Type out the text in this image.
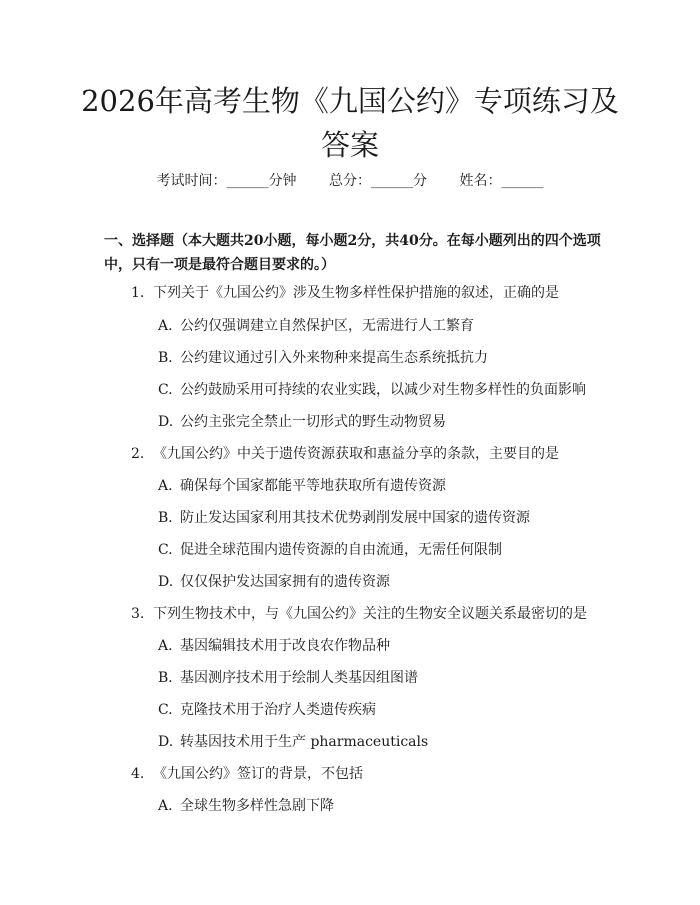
2026年高考生物《九国公约》专项练习及答案
考试时间：______分钟 总分：______分 姓名：______
一、选择题（本大题共20小题，每小题2分，共40分。在每小题列出的四个选项中，只有一项是最符合题目要求的。）
1. 下列关于《九国公约》涉及生物多样性保护措施的叙述，正确的是
A. 公约仅强调建立自然保护区，无需进行人工繁育
B. 公约建议通过引入外来物种来提高生态系统抵抗力
C. 公约鼓励采用可持续的农业实践，以减少对生物多样性的负面影响
D. 公约主张完全禁止一切形式的野生动物贸易
2. 《九国公约》中关于遗传资源获取和惠益分享的条款，主要目的是
A. 确保每个国家都能平等地获取所有遗传资源
B. 防止发达国家利用其技术优势剥削发展中国家的遗传资源
C. 促进全球范围内遗传资源的自由流通，无需任何限制
D. 仅仅保护发达国家拥有的遗传资源
3. 下列生物技术中，与《九国公约》关注的生物安全议题关系最密切的是
A. 基因编辑技术用于改良农作物品种
B. 基因测序技术用于绘制人类基因组图谱
C. 克隆技术用于治疗人类遗传疾病
D. 转基因技术用于生产 pharmaceuticals
4. 《九国公约》签订的背景，不包括
A. 全球生物多样性急剧下降
